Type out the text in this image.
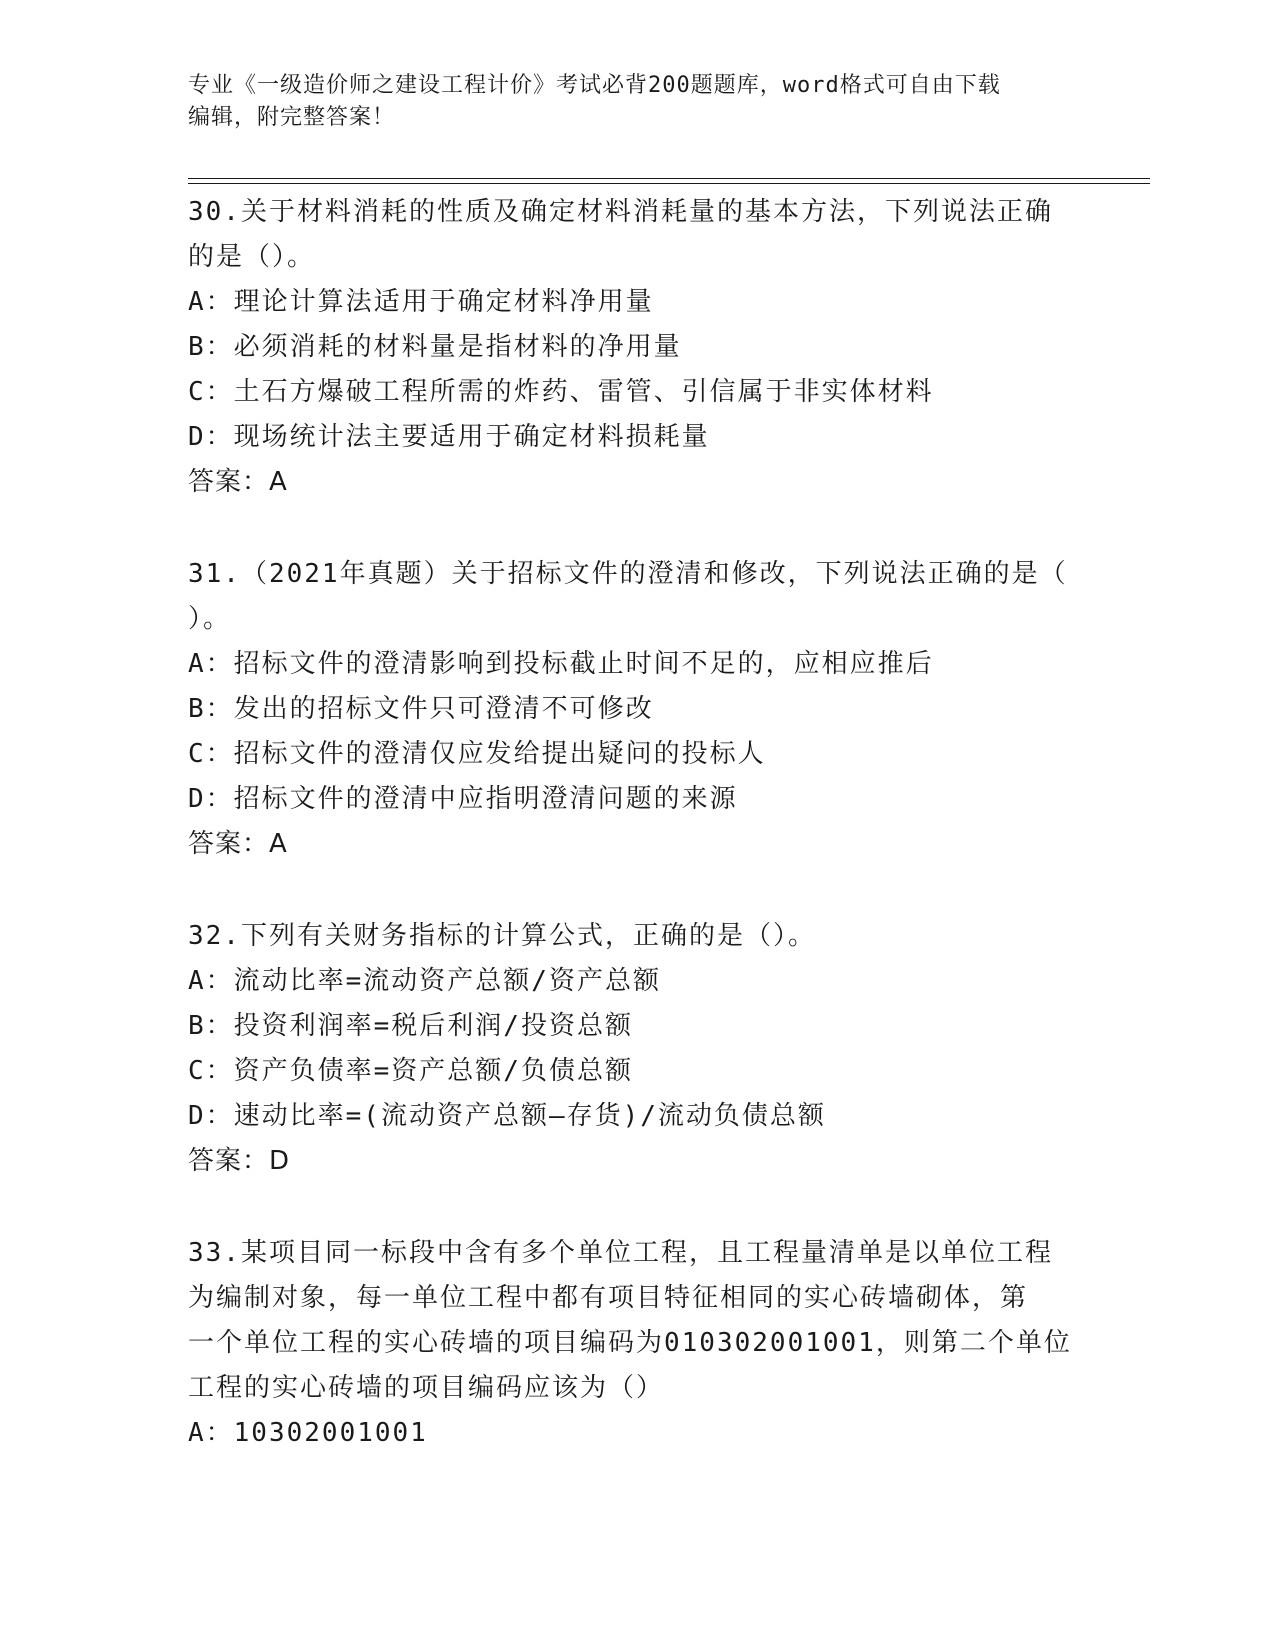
专业《一级造价师之建设工程计价》考试必背200题题库，word格式可自由下载
编辑，附完整答案！
30.关于材料消耗的性质及确定材料消耗量的基本方法，下列说法正确
的是（）。
A：理论计算法适用于确定材料净用量
B：必须消耗的材料量是指材料的净用量
C：土石方爆破工程所需的炸药、雷管、引信属于非实体材料
D：现场统计法主要适用于确定材料损耗量
答案：A
31.（2021年真题）关于招标文件的澄清和修改，下列说法正确的是（
）。
A：招标文件的澄清影响到投标截止时间不足的，应相应推后
B：发出的招标文件只可澄清不可修改
C：招标文件的澄清仅应发给提出疑问的投标人
D：招标文件的澄清中应指明澄清问题的来源
答案：A
32.下列有关财务指标的计算公式，正确的是（）。
A：流动比率=流动资产总额/资产总额
B：投资利润率=税后利润/投资总额
C：资产负债率=资产总额/负债总额
D：速动比率=(流动资产总额—存货)/流动负债总额
答案：D
33.某项目同一标段中含有多个单位工程，且工程量清单是以单位工程
为编制对象，每一单位工程中都有项目特征相同的实心砖墙砌体，第
一个单位工程的实心砖墙的项目编码为010302001001，则第二个单位
工程的实心砖墙的项目编码应该为（）
A：10302001001
